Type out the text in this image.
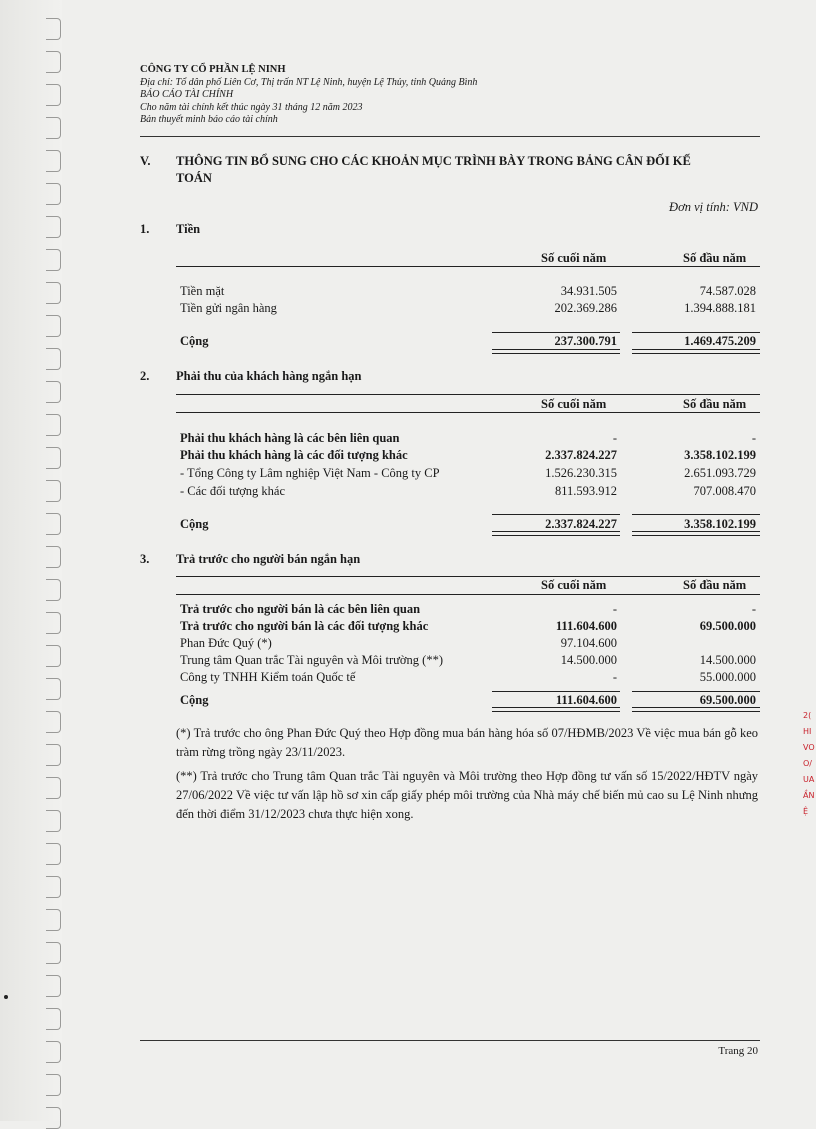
CÔNG TY CỔ PHẦN LỆ NINH
Địa chỉ: Tổ dân phố Liên Cơ, Thị trấn NT Lệ Ninh, huyện Lệ Thủy, tỉnh Quảng Bình
BÁO CÁO TÀI CHÍNH
Cho năm tài chính kết thúc ngày 31 tháng 12 năm 2023
Bản thuyết minh báo cáo tài chính
V. THÔNG TIN BỔ SUNG CHO CÁC KHOẢN MỤC TRÌNH BÀY TRONG BẢNG CÂN ĐỐI KẾ
TOÁN
Đơn vị tính: VND
1. Tiền
Số cuối năm	Số đầu năm
Tiền mặt	34.931.505	74.587.028
Tiền gửi ngân hàng	202.369.286	1.394.888.181
Cộng	237.300.791	1.469.475.209
2. Phải thu của khách hàng ngắn hạn
Số cuối năm	Số đầu năm
Phải thu khách hàng là các bên liên quan	-	-
Phải thu khách hàng là các đối tượng khác	2.337.824.227	3.358.102.199
- Tổng Công ty Lâm nghiệp Việt Nam - Công ty CP	1.526.230.315	2.651.093.729
- Các đối tượng khác	811.593.912	707.008.470
Cộng	2.337.824.227	3.358.102.199
3. Trả trước cho người bán ngắn hạn
Số cuối năm	Số đầu năm
Trả trước cho người bán là các bên liên quan	-	-
Trả trước cho người bán là các đối tượng khác	111.604.600	69.500.000
Phan Đức Quý (*)	97.104.600
Trung tâm Quan trắc Tài nguyên và Môi trường (**)	14.500.000	14.500.000
Công ty TNHH Kiểm toán Quốc tế	-	55.000.000
Cộng	111.604.600	69.500.000
(*) Trả trước cho ông Phan Đức Quý theo Hợp đồng mua bán hàng hóa số 07/HĐMB/2023 Về việc mua bán gỗ keo tràm rừng trồng ngày 23/11/2023.
(**) Trả trước cho Trung tâm Quan trắc Tài nguyên và Môi trường theo Hợp đồng tư vấn số 15/2022/HĐTV ngày 27/06/2022 Về việc tư vấn lập hồ sơ xin cấp giấy phép môi trường của Nhà máy chế biến mủ cao su Lệ Ninh nhưng đến thời điểm 31/12/2023 chưa thực hiện xong.
2(
HI
VO
O/
UA
ẦN
Ệ
Trang 20
